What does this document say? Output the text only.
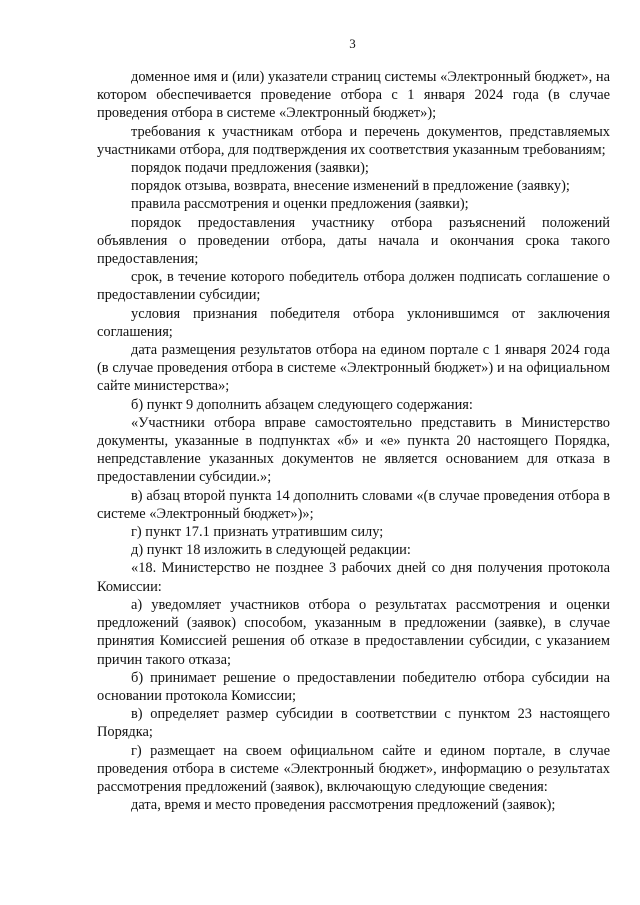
3

доменное имя и (или) указатели страниц системы «Электронный бюджет», на котором обеспечивается проведение отбора с 1 января 2024 года (в случае проведения отбора в системе «Электронный бюджет»);

требования к участникам отбора и перечень документов, представляемых участниками отбора, для подтверждения их соответствия указанным требованиям;

порядок подачи предложения (заявки);

порядок отзыва, возврата, внесение изменений в предложение (заявку);

правила рассмотрения и оценки предложения (заявки);

порядок предоставления участнику отбора разъяснений положений объявления о проведении отбора, даты начала и окончания срока такого предоставления;

срок, в течение которого победитель отбора должен подписать соглашение о предоставлении субсидии;

условия признания победителя отбора уклонившимся от заключения соглашения;

дата размещения результатов отбора на едином портале с 1 января 2024 года (в случае проведения отбора в системе «Электронный бюджет») и на официальном сайте министерства»;

б) пункт 9 дополнить абзацем следующего содержания:

«Участники отбора вправе самостоятельно представить в Министерство документы, указанные в подпунктах «б» и «е» пункта 20 настоящего Порядка, непредставление указанных документов не является основанием для отказа в предоставлении субсидии.»;

в) абзац второй пункта 14 дополнить словами «(в случае проведения отбора в системе «Электронный бюджет»)»;

г) пункт 17.1 признать утратившим силу;

д) пункт 18 изложить в следующей редакции:

«18. Министерство не позднее 3 рабочих дней со дня получения протокола Комиссии:

а) уведомляет участников отбора о результатах рассмотрения и оценки предложений (заявок) способом, указанным в предложении (заявке), в случае принятия Комиссией решения об отказе в предоставлении субсидии, с указанием причин такого отказа;

б) принимает решение о предоставлении победителю отбора субсидии на основании протокола Комиссии;

в) определяет размер субсидии в соответствии с пунктом 23 настоящего Порядка;

г) размещает на своем официальном сайте и едином портале, в случае проведения отбора в системе «Электронный бюджет», информацию о результатах рассмотрения предложений (заявок), включающую следующие сведения:

дата, время и место проведения рассмотрения предложений (заявок);
